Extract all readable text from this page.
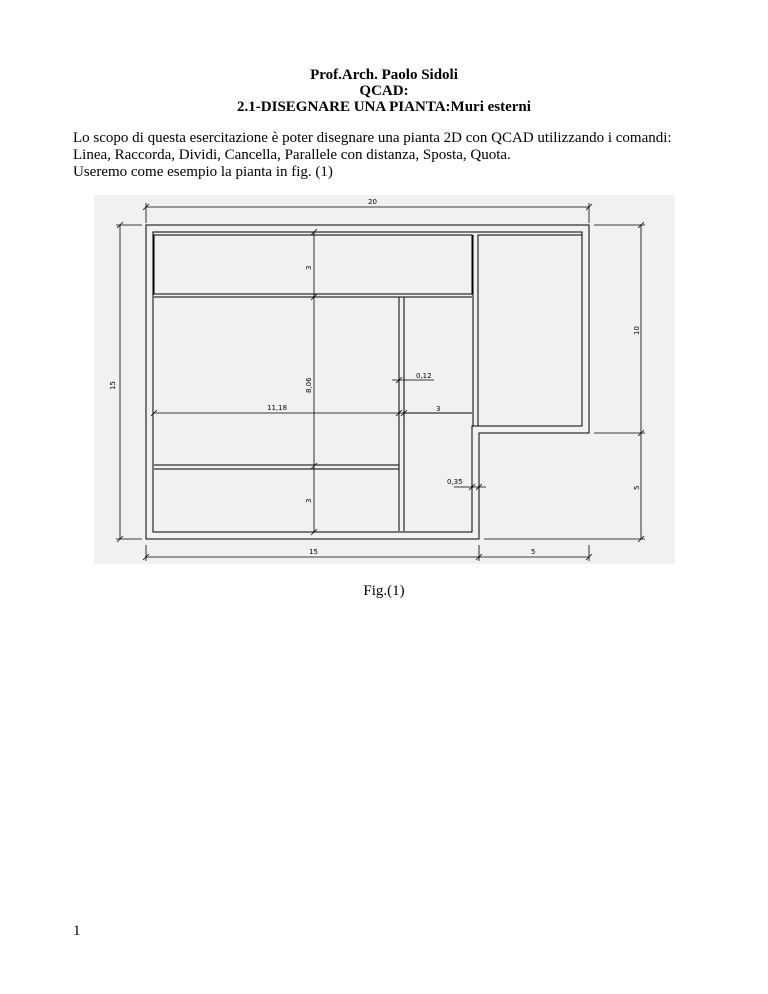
Prof.Arch. Paolo Sidoli
QCAD:
2.1-DISEGNARE UNA PIANTA:Muri esterni
Lo scopo di questa esercitazione è poter disegnare una pianta 2D con QCAD utilizzando i comandi:
Linea, Raccorda, Dividi, Cancella, Parallele con distanza, Sposta, Quota.
Useremo come esempio la pianta in fig. (1)
20
15
10
5
15	5
3
8,06
3
11,18
0,12
3
0,35
Fig.(1)
1
